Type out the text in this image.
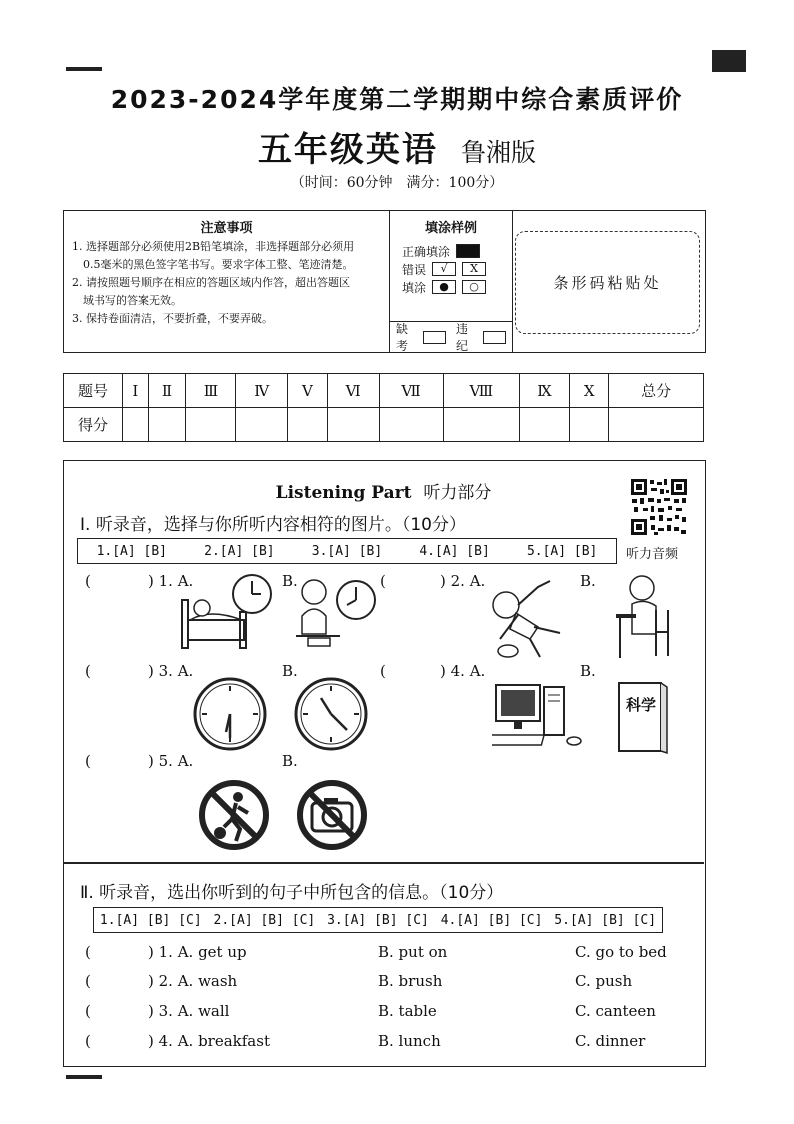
2023-2024学年度第二学期期中综合素质评价
五年级英语 鲁湘版
（时间：60分钟　满分：100分）
注意事项

1. 选择题部分必须使用2B铅笔填涂，非选择题部分必须用

　0.5毫米的黑色签字笔书写。要求字体工整、笔迹清楚。

2. 请按照题号顺序在相应的答题区域内作答，超出答题区

　域书写的答案无效。

3. 保持卷面清洁，不要折叠，不要弄破。

填涂样例
正确填涂
错误	√	X
填涂	●	○
缺考
违纪
条形码粘贴处
题号	Ⅰ	Ⅱ	Ⅲ	Ⅳ	Ⅴ	Ⅵ	Ⅶ	Ⅷ	Ⅸ	Ⅹ	总分
得分											
Listening Part 听力部分
听力音频
Ⅰ. 听录音，选择与你所听内容相符的图片。（10分）
1.[A] [B]	2.[A] [B]	3.[A] [B]	4.[A] [B]	5.[A] [B]
(	) 1. A.	B.	(	) 2. A.	B.
(	) 3. A.	B.	(	) 4. A.	B.
科学
(	) 5. A.	B.
Ⅱ. 听录音，选出你听到的句子中所包含的信息。（10分）
1.[A] [B] [C] 2.[A] [B] [C] 3.[A] [B] [C] 4.[A] [B] [C] 5.[A] [B] [C]
(	) 1. A. get up	B. put on	C. go to bed
(	) 2. A. wash	B. brush	C. push
(	) 3. A. wall	B. table	C. canteen
(	) 4. A. breakfast	B. lunch	C. dinner
